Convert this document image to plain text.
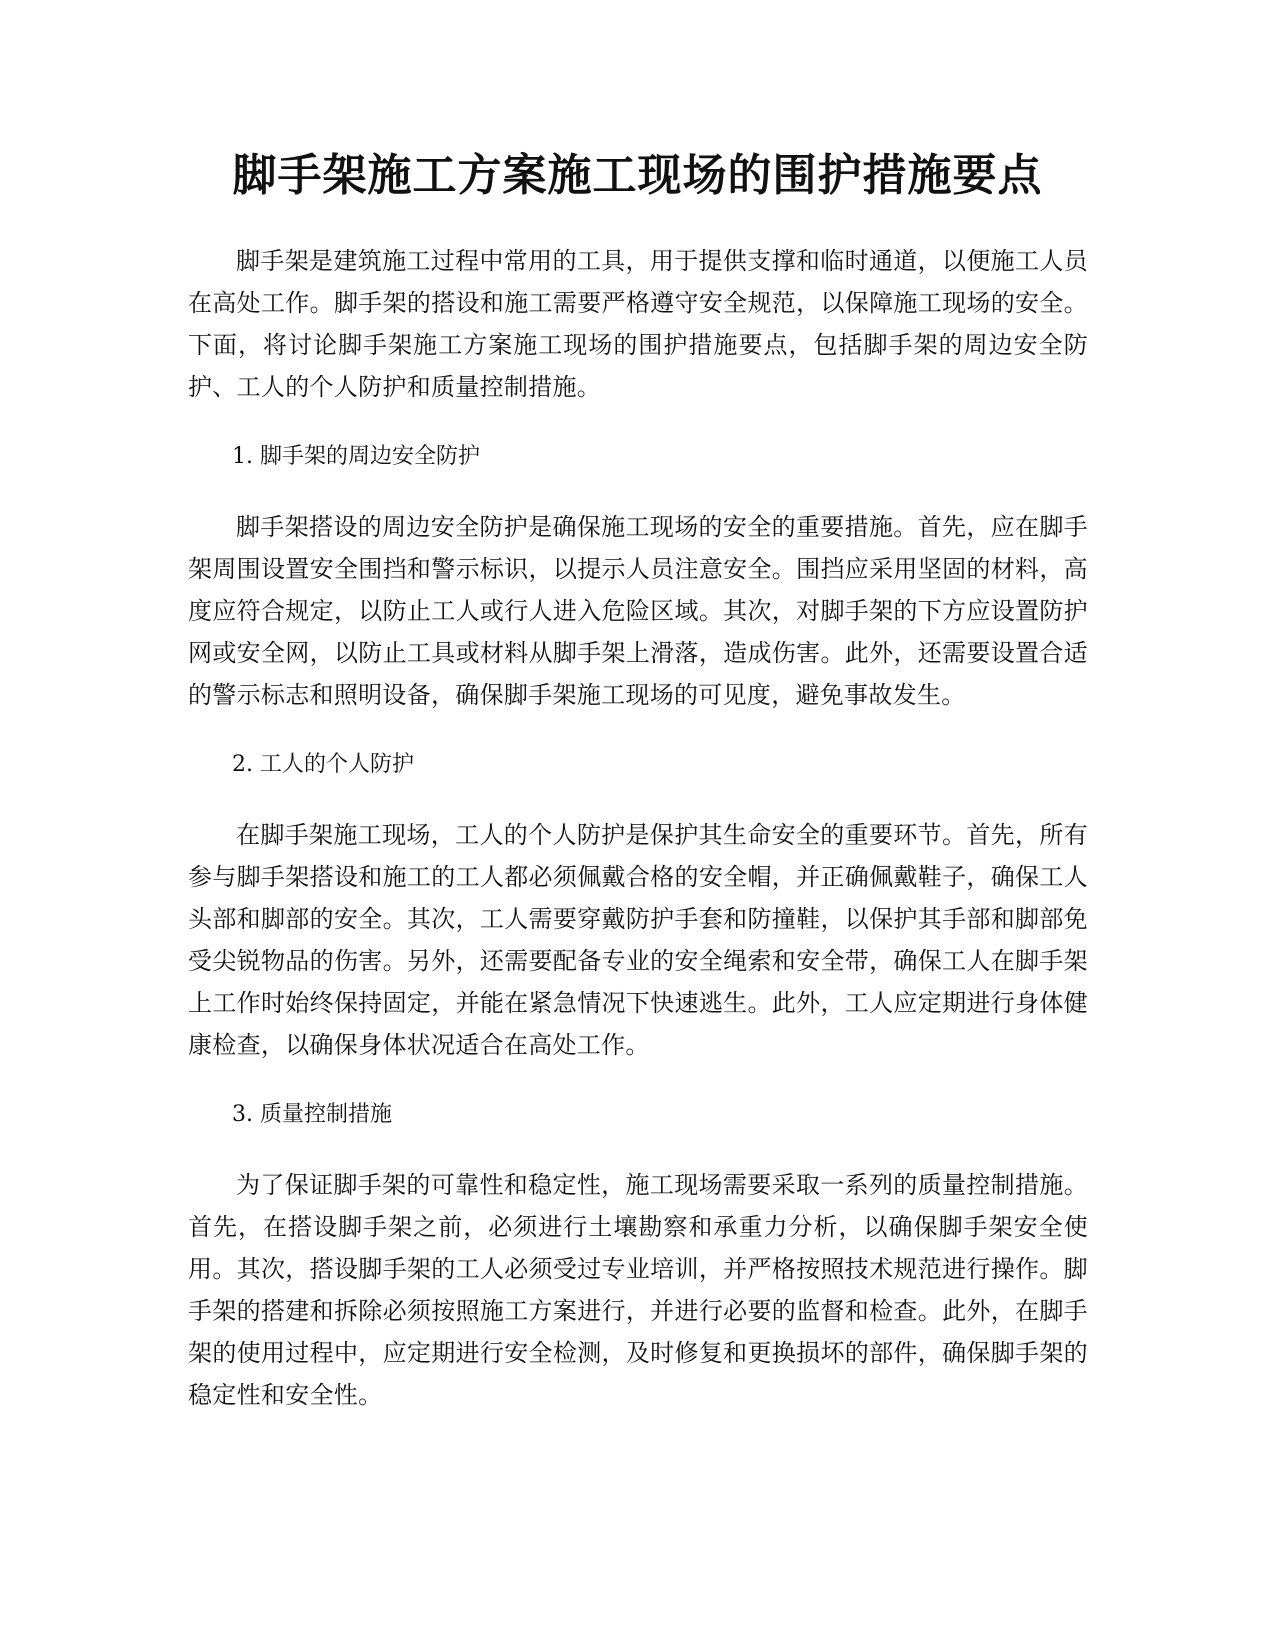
脚手架施工方案施工现场的围护措施要点

脚手架是建筑施工过程中常用的工具，用于提供支撑和临时通道，以便施工人员在高处工作。脚手架的搭设和施工需要严格遵守安全规范，以保障施工现场的安全。下面，将讨论脚手架施工方案施工现场的围护措施要点，包括脚手架的周边安全防护、工人的个人防护和质量控制措施。

1. 脚手架的周边安全防护

脚手架搭设的周边安全防护是确保施工现场的安全的重要措施。首先，应在脚手架周围设置安全围挡和警示标识，以提示人员注意安全。围挡应采用坚固的材料，高度应符合规定，以防止工人或行人进入危险区域。其次，对脚手架的下方应设置防护网或安全网，以防止工具或材料从脚手架上滑落，造成伤害。此外，还需要设置合适的警示标志和照明设备，确保脚手架施工现场的可见度，避免事故发生。

2. 工人的个人防护

在脚手架施工现场，工人的个人防护是保护其生命安全的重要环节。首先，所有参与脚手架搭设和施工的工人都必须佩戴合格的安全帽，并正确佩戴鞋子，确保工人头部和脚部的安全。其次，工人需要穿戴防护手套和防撞鞋，以保护其手部和脚部免受尖锐物品的伤害。另外，还需要配备专业的安全绳索和安全带，确保工人在脚手架上工作时始终保持固定，并能在紧急情况下快速逃生。此外，工人应定期进行身体健康检查，以确保身体状况适合在高处工作。

3. 质量控制措施

为了保证脚手架的可靠性和稳定性，施工现场需要采取一系列的质量控制措施。首先，在搭设脚手架之前，必须进行土壤勘察和承重力分析，以确保脚手架安全使用。其次，搭设脚手架的工人必须受过专业培训，并严格按照技术规范进行操作。脚手架的搭建和拆除必须按照施工方案进行，并进行必要的监督和检查。此外，在脚手架的使用过程中，应定期进行安全检测，及时修复和更换损坏的部件，确保脚手架的稳定性和安全性。
